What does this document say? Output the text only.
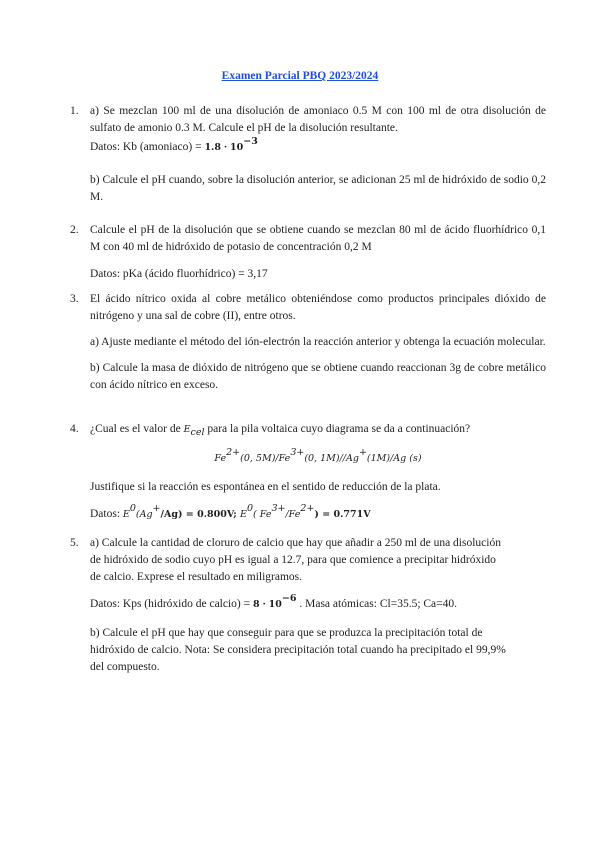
Examen Parcial PBQ 2023/2024
1. a) Se mezclan 100 ml de una disolución de amoniaco 0.5 M con 100 ml de otra disolución de sulfato de amonio 0.3 M. Calcule el pH de la disolución resultante.

Datos: Kb (amoniaco) = $1.8 \cdot 10^{-3}$

b) Calcule el pH cuando, sobre la disolución anterior, se adicionan 25 ml de hidróxido de sodio 0,2 M.

2. Calcule el pH de la disolución que se obtiene cuando se mezclan 80 ml de ácido fluorhídrico 0,1 M con 40 ml de hidróxido de potasio de concentración 0,2 M

Datos: pKa (ácido fluorhídrico) = 3,17

3. El ácido nítrico oxida al cobre metálico obteniéndose como productos principales dióxido de nitrógeno y una sal de cobre (II), entre otros.

a) Ajuste mediante el método del ión-electrón la reacción anterior y obtenga la ecuación molecular.

b) Calcule la masa de dióxido de nitrógeno que se obtiene cuando reaccionan 3g de cobre metálico con ácido nítrico en exceso.

4. ¿Cual es el valor de $E_{cel}$ para la pila voltaica cuyo diagrama se da a continuación?

$Fe^{2+}(0$, $5M)/Fe^{3+}(0$, 1M)//Ag+(1M)/Ag (s)

Justifique si la reacción es espontánea en el sentido de reducción de la plata.

Datos: $E^0(Ag^+/Ag) = 0.800V$; $E^0$( $Fe^{3+}/Fe^{2+}) = 0.771V$

5. a) Calcule la cantidad de cloruro de calcio que hay que añadir a 250 ml de una disolución de hidróxido de sodio cuyo pH es igual a 12.7, para que comience a precipitar hidróxido de calcio. Exprese el resultado en miligramos.

Datos: Kps (hidróxido de calcio) = $8 \cdot 10^{-6}$ . Masa atómicas: Cl=35.5; Ca=40.

b) Calcule el pH que hay que conseguir para que se produzca la precipitación total de hidróxido de calcio. Nota: Se considera precipitación total cuando ha precipitado el 99,9% del compuesto.
